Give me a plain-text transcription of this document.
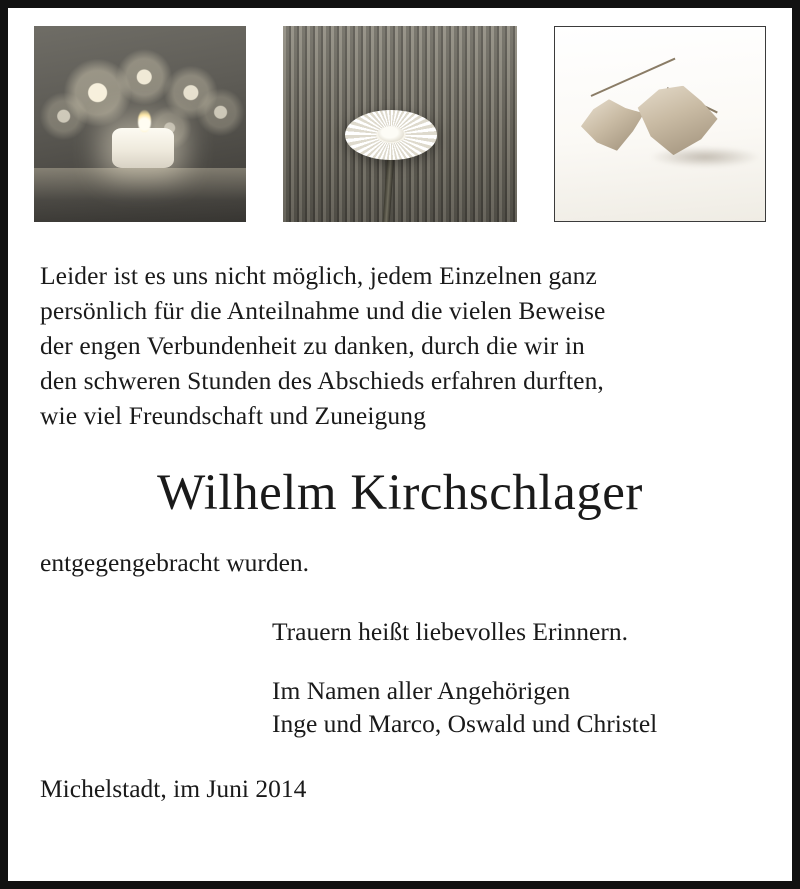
Leider ist es uns nicht möglich, jedem Einzelnen ganz

persönlich für die Anteilnahme und die vielen Beweise

der engen Verbundenheit zu danken, durch die wir in

den schweren Stunden des Abschieds erfahren durften,

wie viel Freundschaft und Zuneigung

Wilhelm Kirchschlager
entgegengebracht wurden.

Trauern heißt liebevolles Erinnern.

Im Namen aller Angehörigen

Inge und Marco, Oswald und Christel

Michelstadt, im Juni 2014
